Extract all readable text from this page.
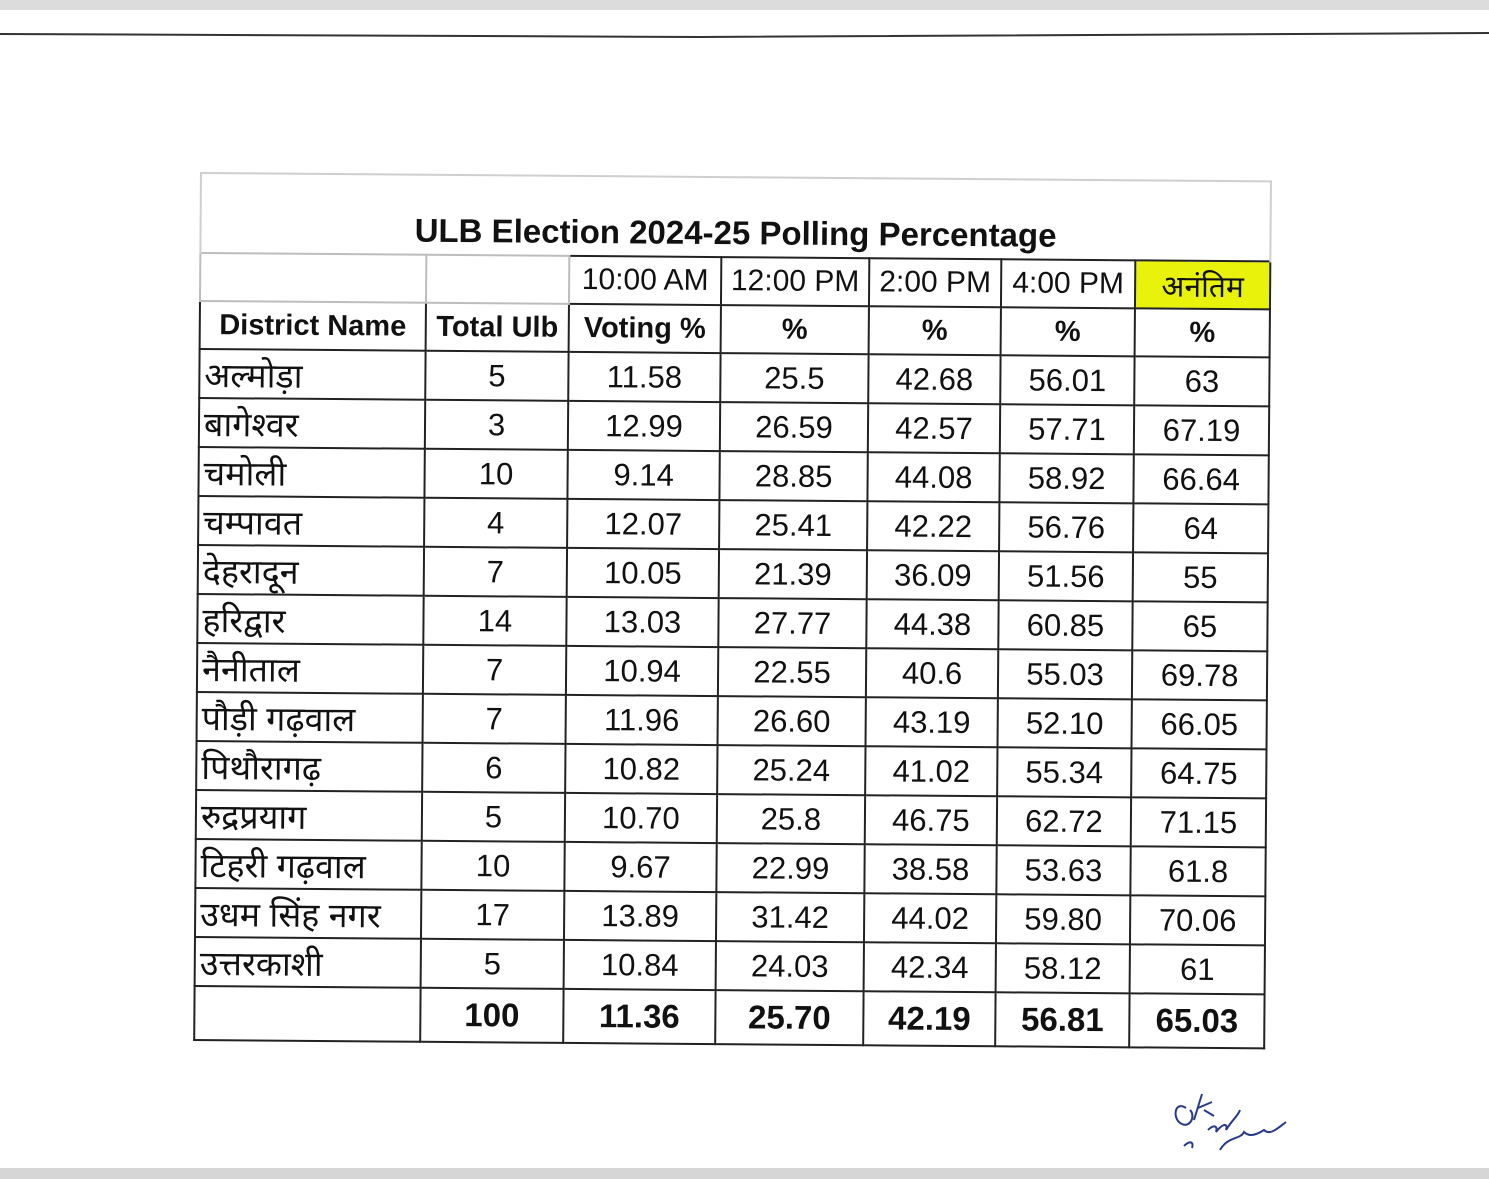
ULB Election 2024-25 Polling Percentage						
		10:00 AM	12:00 PM	2:00 PM	4:00 PM	अनंतिम
District Name	Total Ulb	Voting %	%	%	%	%
अल्मोड़ा	5	11.58	25.5	42.68	56.01	63
बागेश्वर	3	12.99	26.59	42.57	57.71	67.19
चमोली	10	9.14	28.85	44.08	58.92	66.64
चम्पावत	4	12.07	25.41	42.22	56.76	64
देहरादून	7	10.05	21.39	36.09	51.56	55
हरिद्वार	14	13.03	27.77	44.38	60.85	65
नैनीताल	7	10.94	22.55	40.6	55.03	69.78
पौड़ी गढ़वाल	7	11.96	26.60	43.19	52.10	66.05
पिथौरागढ़	6	10.82	25.24	41.02	55.34	64.75
रुद्रप्रयाग	5	10.70	25.8	46.75	62.72	71.15
टिहरी गढ़वाल	10	9.67	22.99	38.58	53.63	61.8
उधम सिंह नगर	17	13.89	31.42	44.02	59.80	70.06
उत्तरकाशी	5	10.84	24.03	42.34	58.12	61
	100	11.36	25.70	42.19	56.81	65.03
